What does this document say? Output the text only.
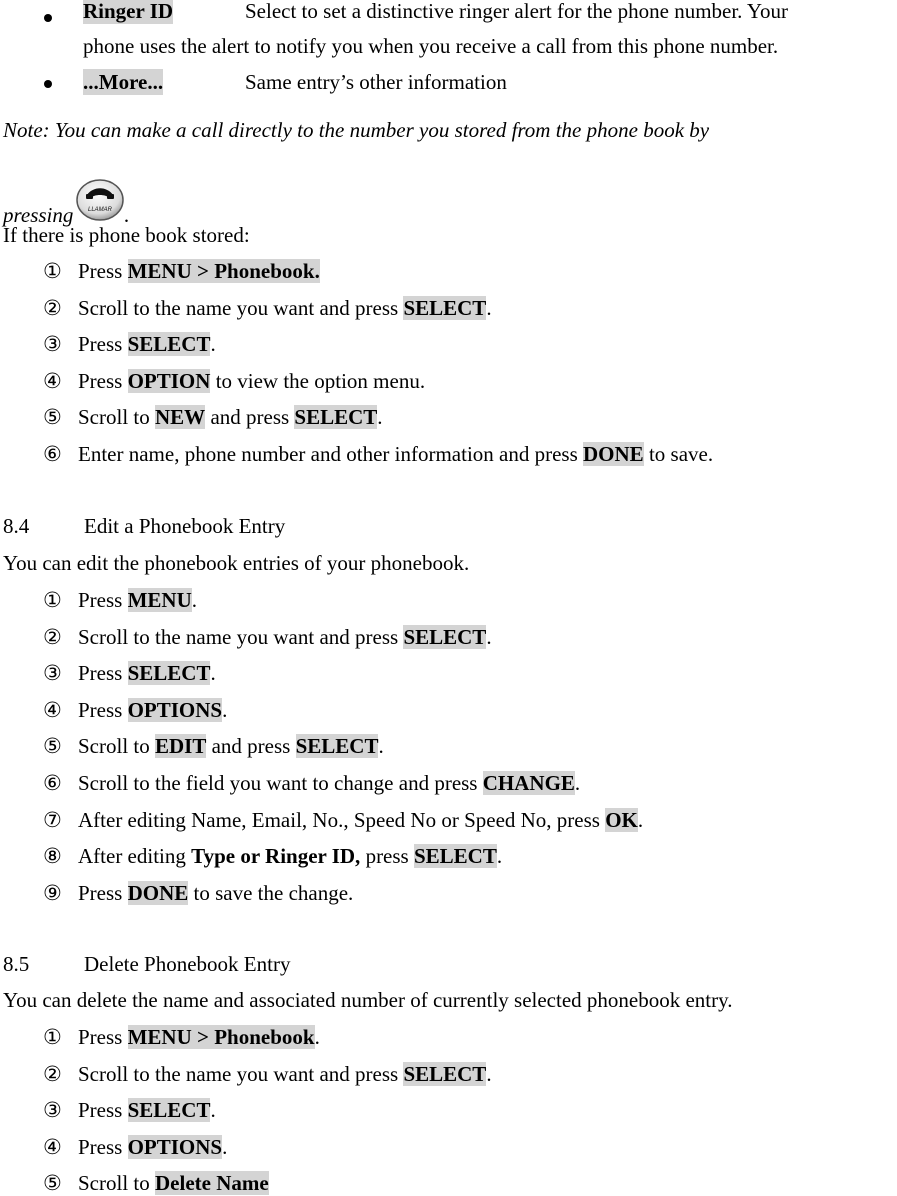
Ringer ID	Select to set a distinctive ringer alert for the phone number. Your
phone uses the alert to notify you when you receive a call from this phone number.
...More...	Same entry’s other information
Note: You can make a call directly to the number you stored from the phone book by
pressing LLAMAR .
If there is phone book stored:
① Press MENU > Phonebook.
② Scroll to the name you want and press SELECT.
③ Press SELECT.
④ Press OPTION to view the option menu.
⑤ Scroll to NEW and press SELECT.
⑥ Enter name, phone number and other information and press DONE to save.
8.4	Edit a Phonebook Entry
You can edit the phonebook entries of your phonebook.
① Press MENU.
② Scroll to the name you want and press SELECT.
③ Press SELECT.
④ Press OPTIONS.
⑤ Scroll to EDIT and press SELECT.
⑥ Scroll to the field you want to change and press CHANGE.
⑦ After editing Name, Email, No., Speed No or Speed No, press OK.
⑧ After editing Type or Ringer ID, press SELECT.
⑨ Press DONE to save the change.
8.5	Delete Phonebook Entry
You can delete the name and associated number of currently selected phonebook entry.
① Press MENU > Phonebook.
② Scroll to the name you want and press SELECT.
③ Press SELECT.
④ Press OPTIONS.
⑤ Scroll to Delete Name
